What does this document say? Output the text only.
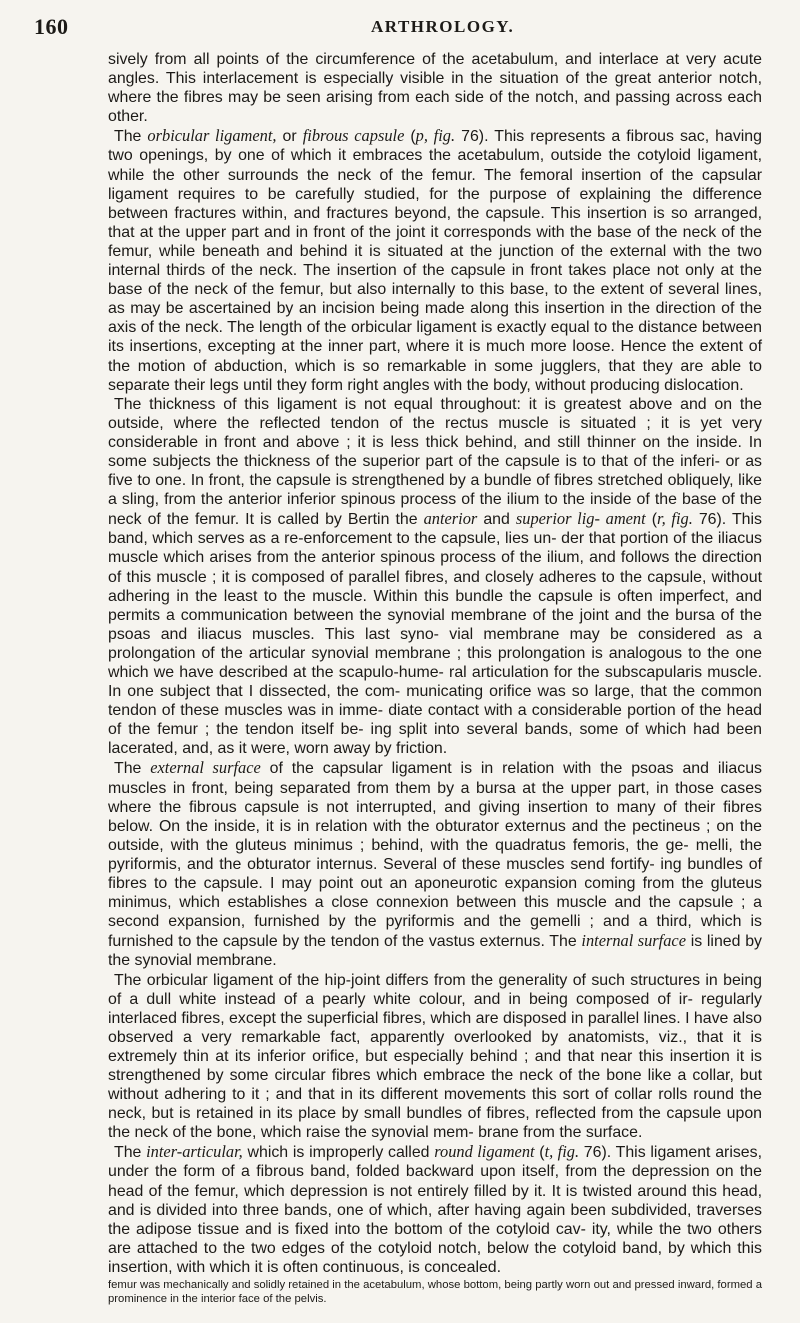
160	ARTHROLOGY.

sively from all points of the circumference of the acetabulum, and interlace at very acute angles. This interlacement is especially visible in the situation of the great anterior notch, where the fibres may be seen arising from each side of the notch, and passing across each other.

The orbicular ligament, or fibrous capsule (p, fig. 76). This represents a fibrous sac, having two openings, by one of which it embraces the acetabulum, outside the cotyloid ligament, while the other surrounds the neck of the femur. The femoral insertion of the capsular ligament requires to be carefully studied, for the purpose of explaining the difference between fractures within, and fractures beyond, the capsule. This insertion is so arranged, that at the upper part and in front of the joint it corresponds with the base of the neck of the femur, while beneath and behind it is situated at the junction of the external with the two internal thirds of the neck. The insertion of the capsule in front takes place not only at the base of the neck of the femur, but also internally to this base, to the extent of several lines, as may be ascertained by an incision being made along this insertion in the direction of the axis of the neck. The length of the orbicular ligament is exactly equal to the distance between its insertions, excepting at the inner part, where it is much more loose. Hence the extent of the motion of abduction, which is so remarkable in some jugglers, that they are able to separate their legs until they form right angles with the body, without producing dislocation.

The thickness of this ligament is not equal throughout: it is greatest above and on the outside, where the reflected tendon of the rectus muscle is situated ; it is yet very considerable in front and above ; it is less thick behind, and still thinner on the inside. In some subjects the thickness of the superior part of the capsule is to that of the inferi- or as five to one. In front, the capsule is strengthened by a bundle of fibres stretched obliquely, like a sling, from the anterior inferior spinous process of the ilium to the inside of the base of the neck of the femur. It is called by Bertin the anterior and superior lig- ament (r, fig. 76). This band, which serves as a re-enforcement to the capsule, lies un- der that portion of the iliacus muscle which arises from the anterior spinous process of the ilium, and follows the direction of this muscle ; it is composed of parallel fibres, and closely adheres to the capsule, without adhering in the least to the muscle. Within this bundle the capsule is often imperfect, and permits a communication between the synovial membrane of the joint and the bursa of the psoas and iliacus muscles. This last syno- vial membrane may be considered as a prolongation of the articular synovial membrane ; this prolongation is analogous to the one which we have described at the scapulo-hume- ral articulation for the subscapularis muscle. In one subject that I dissected, the com- municating orifice was so large, that the common tendon of these muscles was in imme- diate contact with a considerable portion of the head of the femur ; the tendon itself be- ing split into several bands, some of which had been lacerated, and, as it were, worn away by friction.

The external surface of the capsular ligament is in relation with the psoas and iliacus muscles in front, being separated from them by a bursa at the upper part, in those cases where the fibrous capsule is not interrupted, and giving insertion to many of their fibres below. On the inside, it is in relation with the obturator externus and the pectineus ; on the outside, with the gluteus minimus ; behind, with the quadratus femoris, the ge- melli, the pyriformis, and the obturator internus. Several of these muscles send fortify- ing bundles of fibres to the capsule. I may point out an aponeurotic expansion coming from the gluteus minimus, which establishes a close connexion between this muscle and the capsule ; a second expansion, furnished by the pyriformis and the gemelli ; and a third, which is furnished to the capsule by the tendon of the vastus externus. The internal surface is lined by the synovial membrane.

The orbicular ligament of the hip-joint differs from the generality of such structures in being of a dull white instead of a pearly white colour, and in being composed of ir- regularly interlaced fibres, except the superficial fibres, which are disposed in parallel lines. I have also observed a very remarkable fact, apparently overlooked by anatomists, viz., that it is extremely thin at its inferior orifice, but especially behind ; and that near this insertion it is strengthened by some circular fibres which embrace the neck of the bone like a collar, but without adhering to it ; and that in its different movements this sort of collar rolls round the neck, but is retained in its place by small bundles of fibres, reflected from the capsule upon the neck of the bone, which raise the synovial mem- brane from the surface.

The inter-articular, which is improperly called round ligament (t, fig. 76). This ligament arises, under the form of a fibrous band, folded backward upon itself, from the depression on the head of the femur, which depression is not entirely filled by it. It is twisted around this head, and is divided into three bands, one of which, after having again been subdivided, traverses the adipose tissue and is fixed into the bottom of the cotyloid cav- ity, while the two others are attached to the two edges of the cotyloid notch, below the cotyloid band, by which this insertion, with which it is often continuous, is concealed.

femur was mechanically and solidly retained in the acetabulum, whose bottom, being partly worn out and pressed inward, formed a prominence in the interior face of the pelvis.
